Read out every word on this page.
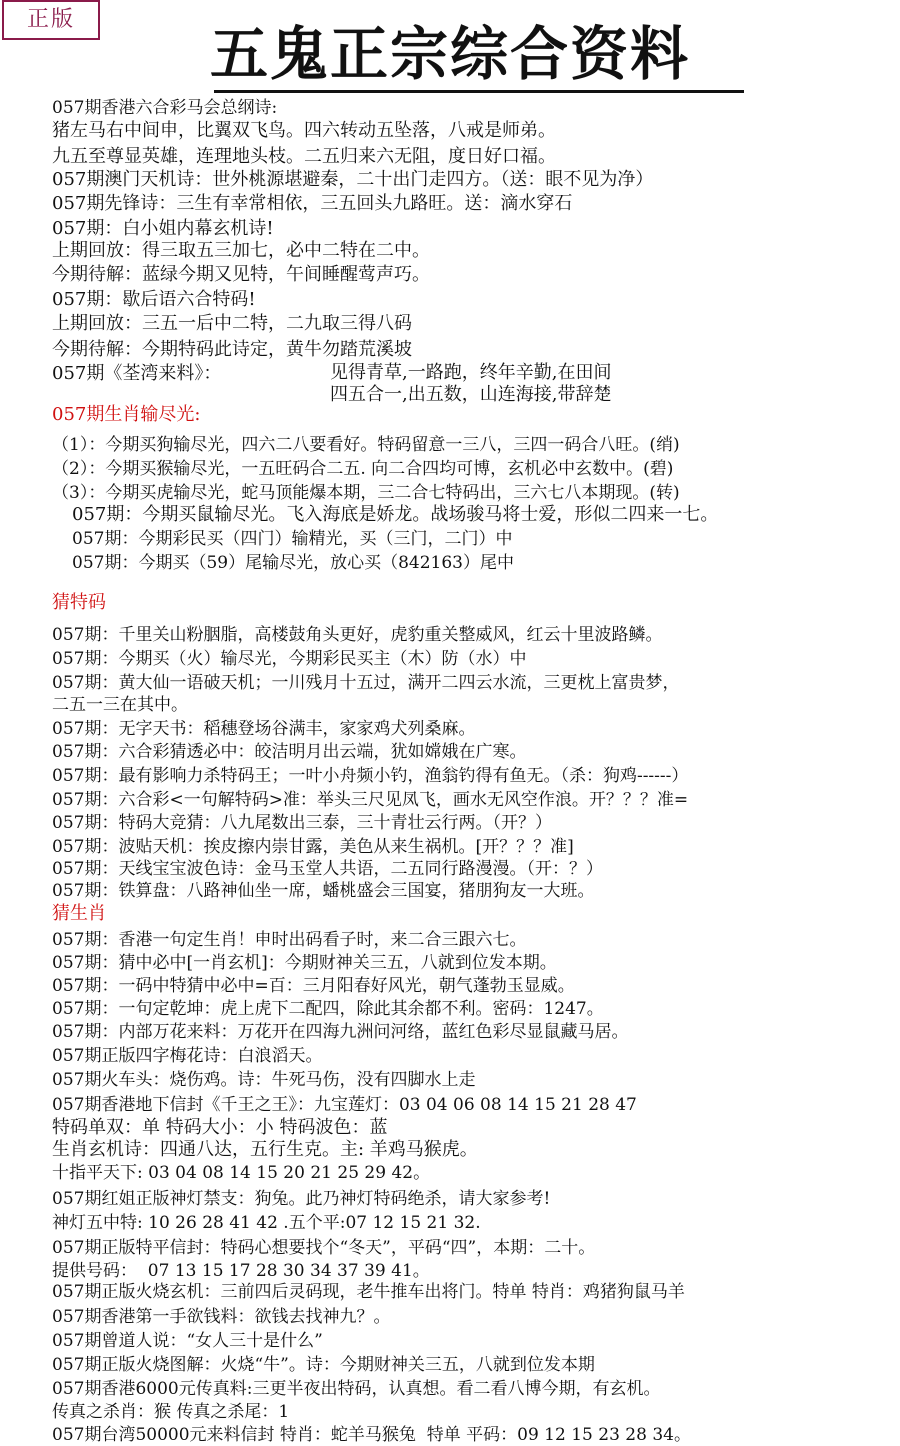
正版
五鬼正宗综合资料
057期香港六合彩马会总纲诗:
猪左马右中间申，比翼双飞鸟。四六转动五坠落，八戒是师弟。
九五至尊显英雄，连理地头枝。二五归来六无阻，度日好口福。
057期澳门天机诗：世外桃源堪避秦，二十出门走四方。（送：眼不见为净）
057期先锋诗：三生有幸常相依，三五回头九路旺。送：滴水穿石
057期：白小姐内幕玄机诗!
上期回放：得三取五三加七，必中二特在二中。
今期待解：蓝绿今期又见特，午间睡醒莺声巧。
057期：歇后语六合特码!
上期回放：三五一后中二特，二九取三得八码
今期待解：今期特码此诗定，黄牛勿踏荒溪坡
057期《荃湾来料》：	见得青草,一路跑，终年辛勤,在田间
四五合一,出五数，山连海接,带辞楚
057期生肖输尽光:
（1）：今期买狗输尽光，四六二八要看好。特码留意一三八，三四一码合八旺。(绡)
（2）：今期买猴输尽光，一五旺码合二五. 向二合四均可博，玄机必中玄数中。(碧)
（3）：今期买虎输尽光，蛇马顶能爆本期，三二合七特码出，三六七八本期现。(转)
057期：今期买鼠输尽光。飞入海底是娇龙。战场骏马将士爱，形似二四来一七。
057期：今期彩民买（四门）输精光，买（三门，二门）中
057期：今期买（59）尾输尽光，放心买（842163）尾中
猜特码
057期：千里关山粉胭脂，高楼鼓角头更好，虎豹重关整威风，红云十里波路鳞。
057期：今期买（火）输尽光，今期彩民买主（木）防（水）中
057期：黄大仙一语破天机；一川残月十五过，满开二四云水流，三更枕上富贵梦，
二五一三在其中。
057期：无字天书：稻穗登场谷满丰，家家鸡犬列桑麻。
057期：六合彩猜透必中：皎洁明月出云端，犹如嫦娥在广寒。
057期：最有影响力杀特码王；一叶小舟频小钓，渔翁钓得有鱼无。（杀：狗鸡------）
057期：六合彩<一句解特码>准：举头三尺见凤飞，画水无风空作浪。开？？？准=
057期：特码大竞猜：八九尾数出三泰，三十青壮云行两。（开？）
057期：波贴天机：挨皮擦内崇甘露，美色从来生祸机。[开？？？准]
057期：天线宝宝波色诗：金马玉堂人共语，二五同行路漫漫。（开：？）
057期：铁算盘：八路神仙坐一席，蟠桃盛会三国宴，猪朋狗友一大班。
猜生肖
057期：香港一句定生肖！申时出码看子时，来二合三跟六七。
057期：猜中必中[一肖玄机]：今期财神关三五，八就到位发本期。
057期：一码中特猜中必中=百：三月阳春好风光，朝气蓬勃玉显威。
057期：一句定乾坤：虎上虎下二配四，除此其余都不利。密码：1247。
057期：内部万花来料：万花开在四海九洲问河络，蓝红色彩尽显鼠藏马居。
057期正版四字梅花诗：白浪滔天。
057期火车头：烧伤鸡。诗：牛死马伤，没有四脚水上走
057期香港地下信封《千王之王》：九宝莲灯：03 04 06 08 14 15 21 28 47
特码单双：单 特码大小：小 特码波色：蓝
生肖玄机诗：四通八达，五行生克。主: 羊鸡马猴虎。
十指平天下: 03 04 08 14 15 20 21 25 29 42。
057期红姐正版神灯禁支：狗兔。此乃神灯特码绝杀，请大家参考!
神灯五中特: 10 26 28 41 42 .五个平:07 12 15 21 32.
057期正版特平信封：特码心想要找个“冬天”，平码“四”，本期：二十。
提供号码：  07 13 15 17 28 30 34 37 39 41。
057期正版火烧玄机：三前四后灵码现，老牛推车出将门。特单 特肖：鸡猪狗鼠马羊
057期香港第一手欲钱料：欲钱去找神九？。
057期曾道人说：“女人三十是什么”
057期正版火烧图解：火烧“牛”。诗：今期财神关三五，八就到位发本期
057期香港6000元传真料:三更半夜出特码，认真想。看二看八博今期，有玄机。
传真之杀肖：猴 传真之杀尾：1
057期台湾50000元来料信封 特肖：蛇羊马猴兔  特单 平码：09 12 15 23 28 34。
